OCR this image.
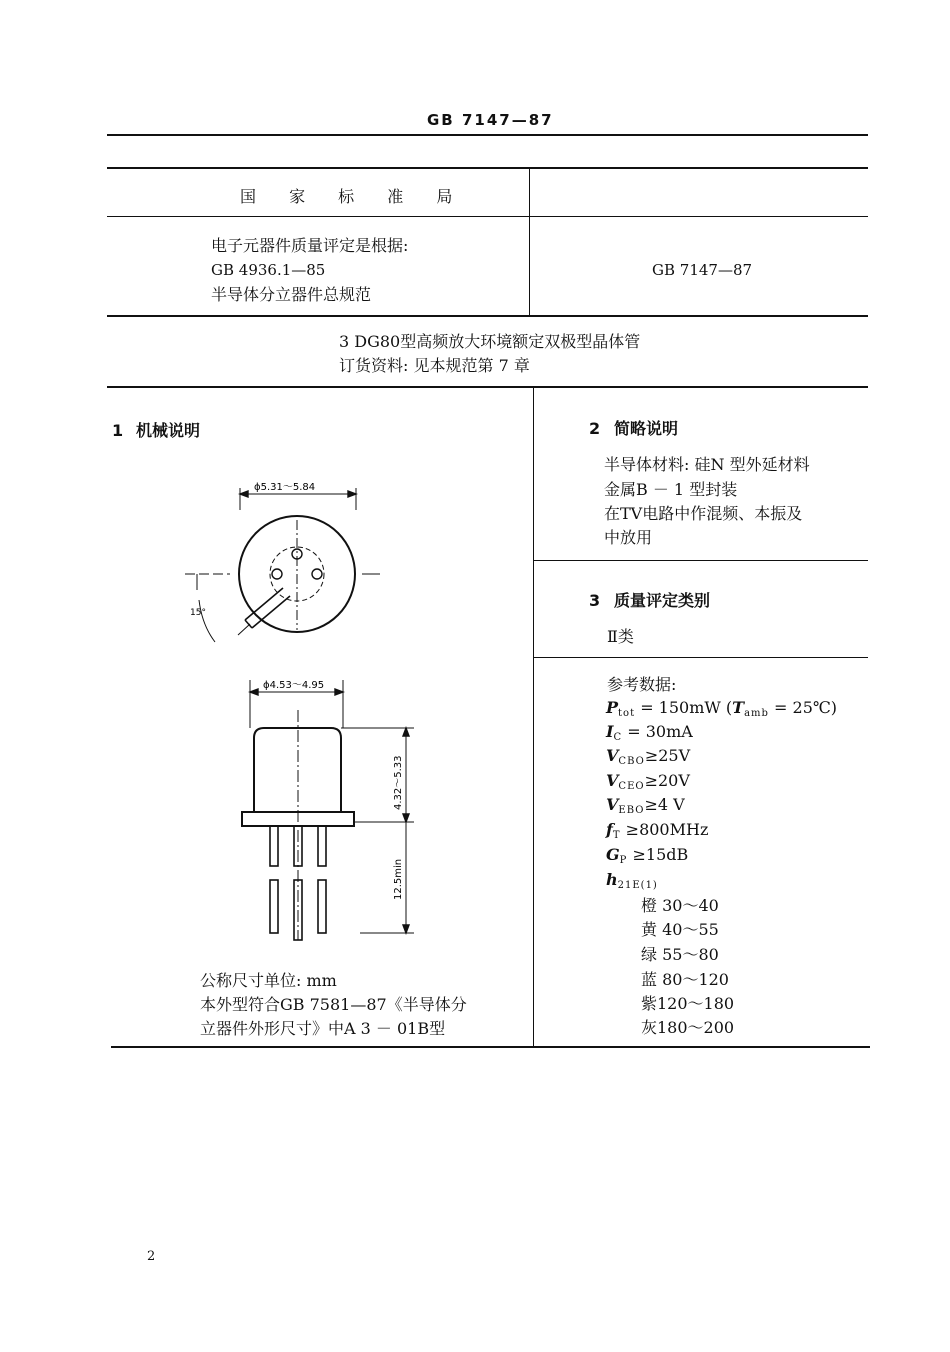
GB 7147—87
国 家 标 准 局
电子元器件质量评定是根据:
GB 4936.1—85
半导体分立器件总规范
GB 7147—87
3 DG80型高频放大环境额定双极型晶体管
订货资料: 见本规范第 7 章
1 机械说明
ϕ5.31～5.84
15°
ϕ4.53～4.95
4.32～5.33
12.5min
公称尺寸单位: mm
本外型符合GB 7581—87《半导体分
立器件外形尺寸》中A 3 － 01B型
2 简略说明
半导体材料: 硅N 型外延材料
金属B － 1 型封装
在TV电路中作混频、本振及
中放用
3 质量评定类别
Ⅱ类
参考数据:
$P_{tot} = 150mW$ ($T_{amb}$ = 25℃)
$I_C = 30mA$
$V_{CBO}\ge 25V$
$V_{CEO}\ge 20V$
$V_{EBO}\ge 4$ V
$f_T \ge 800MHz$
$G_P \ge 15dB$
$h_{21E(1)}$
橙 30～40
黄 40～55
绿 55～80
蓝 80～120
紫120～180
灰180～200
2
